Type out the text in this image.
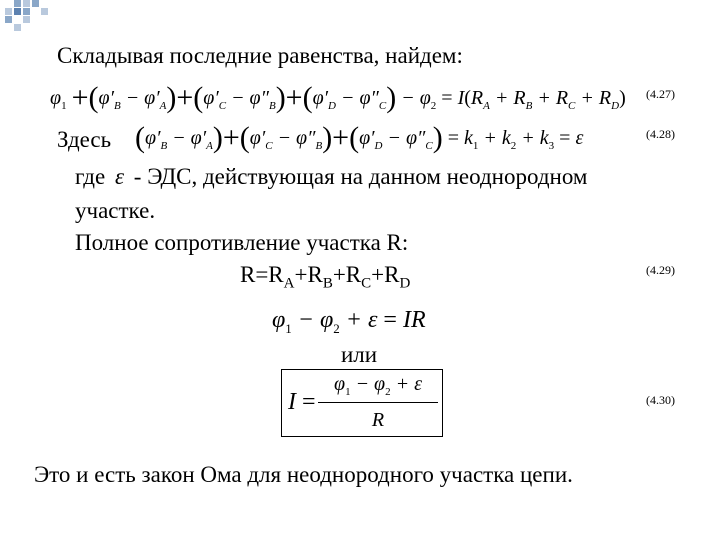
Складывая последние равенства, найдем:
$\varphi_1 +(\varphi'_B - \varphi'_A)+(\varphi'_C - \varphi''_B)+(\varphi'_D - \varphi''_C) - \varphi_2 = I(R_A + R_B + R_C + R_D)$ (4.27)
Здесь $(\varphi'_B - \varphi'_A)+(\varphi'_C - \varphi''_B)+(\varphi'_D - \varphi''_C) = k_1 + k_2 + k_3 = \varepsilon$	(4.28)
где ε - ЭДС, действующая на данном неоднородном
участке.
Полное сопротивление участка R:
$R=R_A+R_B+R_C+R_D$
(4.29)
$\varphi_1 - \varphi_2 + \varepsilon$ = IR
или
I =
$\varphi_1 - \varphi_2 + \varepsilon$
R
(4.30)
Это и есть закон Ома для неоднородного участка цепи.
